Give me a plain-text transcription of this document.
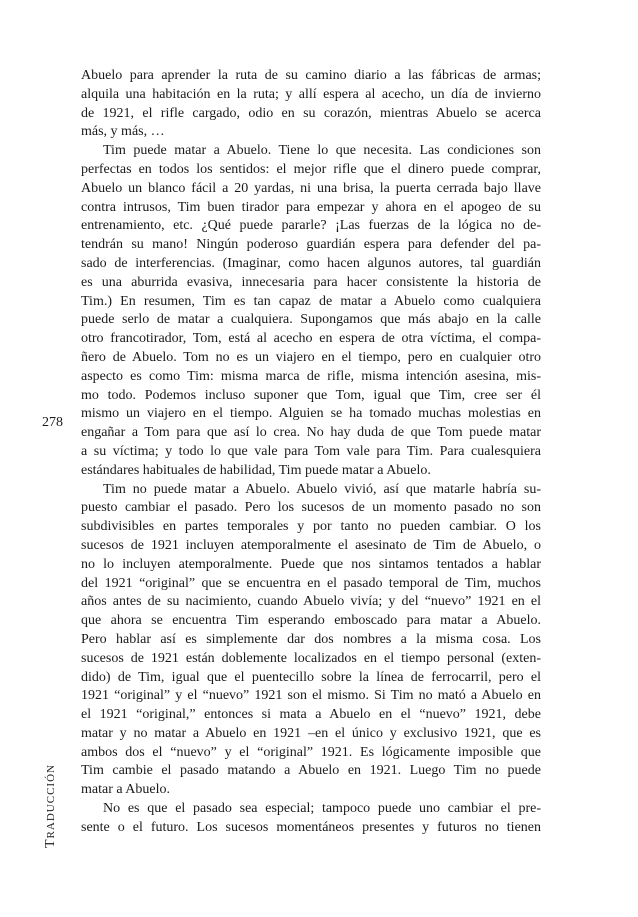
278
TRADUCCIÓN
Abuelo para aprender la ruta de su camino diario a las fábricas de armas;
alquila una habitación en la ruta; y allí espera al acecho, un día de invierno
de 1921, el rifle cargado, odio en su corazón, mientras Abuelo se acerca
más, y más, …
Tim puede matar a Abuelo. Tiene lo que necesita. Las condiciones son
perfectas en todos los sentidos: el mejor rifle que el dinero puede comprar,
Abuelo un blanco fácil a 20 yardas, ni una brisa, la puerta cerrada bajo llave
contra intrusos, Tim buen tirador para empezar y ahora en el apogeo de su
entrenamiento, etc. ¿Qué puede pararle? ¡Las fuerzas de la lógica no de-
tendrán su mano! Ningún poderoso guardián espera para defender del pa-
sado de interferencias. (Imaginar, como hacen algunos autores, tal guardián
es una aburrida evasiva, innecesaria para hacer consistente la historia de
Tim.) En resumen, Tim es tan capaz de matar a Abuelo como cualquiera
puede serlo de matar a cualquiera. Supongamos que más abajo en la calle
otro francotirador, Tom, está al acecho en espera de otra víctima, el compa-
ñero de Abuelo. Tom no es un viajero en el tiempo, pero en cualquier otro
aspecto es como Tim: misma marca de rifle, misma intención asesina, mis-
mo todo. Podemos incluso suponer que Tom, igual que Tim, cree ser él
mismo un viajero en el tiempo. Alguien se ha tomado muchas molestias en
engañar a Tom para que así lo crea. No hay duda de que Tom puede matar
a su víctima; y todo lo que vale para Tom vale para Tim. Para cualesquiera
estándares habituales de habilidad, Tim puede matar a Abuelo.
Tim no puede matar a Abuelo. Abuelo vivió, así que matarle habría su-
puesto cambiar el pasado. Pero los sucesos de un momento pasado no son
subdivisibles en partes temporales y por tanto no pueden cambiar. O los
sucesos de 1921 incluyen atemporalmente el asesinato de Tim de Abuelo, o
no lo incluyen atemporalmente. Puede que nos sintamos tentados a hablar
del 1921 “original” que se encuentra en el pasado temporal de Tim, muchos
años antes de su nacimiento, cuando Abuelo vivía; y del “nuevo” 1921 en el
que ahora se encuentra Tim esperando emboscado para matar a Abuelo.
Pero hablar así es simplemente dar dos nombres a la misma cosa. Los
sucesos de 1921 están doblemente localizados en el tiempo personal (exten-
dido) de Tim, igual que el puentecillo sobre la línea de ferrocarril, pero el
1921 “original” y el “nuevo” 1921 son el mismo. Si Tim no mató a Abuelo en
el 1921 “original,” entonces si mata a Abuelo en el “nuevo” 1921, debe
matar y no matar a Abuelo en 1921 –en el único y exclusivo 1921, que es
ambos dos el “nuevo” y el “original” 1921. Es lógicamente imposible que
Tim cambie el pasado matando a Abuelo en 1921. Luego Tim no puede
matar a Abuelo.
No es que el pasado sea especial; tampoco puede uno cambiar el pre-
sente o el futuro. Los sucesos momentáneos presentes y futuros no tienen
